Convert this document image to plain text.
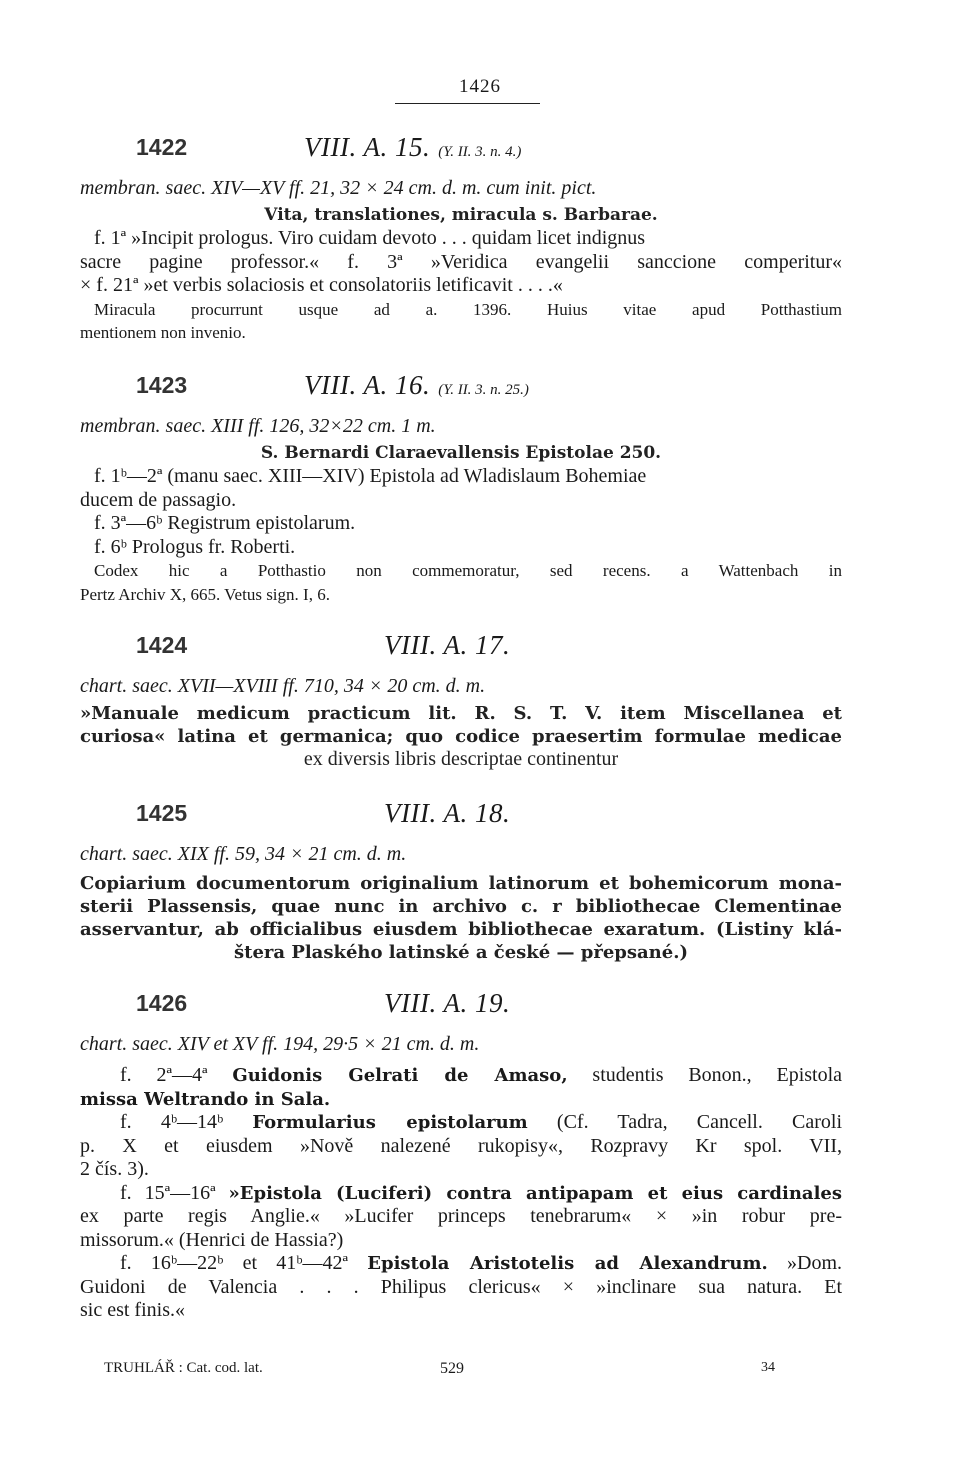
1426
1422	VIII. A. 15. (Y. II. 3. n. 4.)

membran. saec. XIV—XV ff. 21, 32 × 24 cm. d. m. cum init. pict.

Vita, translationes, miracula s. Barbarae.

f. 1ª »Incipit prologus. Viro cuidam devoto . . . quidam licet indignus

sacre pagine professor.« f. 3ª »Veridica evangelii sanccione comperitur«

× f. 21ª »et verbis solaciosis et consolatoriis letificavit . . . .«

Miracula procurrunt usque ad a. 1396. Huius vitae apud Potthastium

mentionem non invenio.

1423	VIII. A. 16. (Y. II. 3. n. 25.)

membran. saec. XIII ff. 126, 32×22 cm. 1 m.

S. Bernardi Claraevallensis Epistolae 250.

f. 1ᵇ—2ª (manu saec. XIII—XIV) Epistola ad Wladislaum Bohemiae

ducem de passagio.

f. 3ª—6ᵇ Registrum epistolarum.

f. 6ᵇ Prologus fr. Roberti.

Codex hic a Potthastio non commemoratur, sed recens. a Wattenbach in

Pertz Archiv X, 665. Vetus sign. I, 6.

1424	VIII. A. 17.

chart. saec. XVII—XVIII ff. 710, 34 × 20 cm. d. m.

»Manuale medicum practicum lit. R. S. T. V. item Miscellanea et

curiosa« latina et germanica; quo codice praesertim formulae medicae

ex diversis libris descriptae continentur

1425	VIII. A. 18.

chart. saec. XIX ff. 59, 34 × 21 cm. d. m.

Copiarium documentorum originalium latinorum et bohemicorum mona-

sterii Plassensis, quae nunc in archivo c. r bibliothecae Clementinae

asservantur, ab officialibus eiusdem bibliothecae exaratum. (Listiny klá-

štera Plaského latinské a české — přepsané.)

1426	VIII. A. 19.

chart. saec. XIV et XV ff. 194, 29·5 × 21 cm. d. m.

f. 2ª—4ª Guidonis Gelrati de Amaso, studentis Bonon., Epistola

missa Weltrando in Sala.

f. 4ᵇ—14ᵇ Formularius epistolarum (Cf. Tadra, Cancell. Caroli

p. X et eiusdem »Nově nalezené rukopisy«, Rozpravy Kr spol. VII,

2 čís. 3).

f. 15ª—16ª »Epistola (Luciferi) contra antipapam et eius cardinales

ex parte regis Anglie.« »Lucifer princeps tenebrarum« × »in robur pre-

missorum.« (Henrici de Hassia?)

f. 16ᵇ—22ᵇ et 41ᵇ—42ª Epistola Aristotelis ad Alexandrum. »Dom.

Guidoni de Valencia . . . Philipus clericus« × »inclinare sua natura. Et

sic est finis.«

TRUHLÁŘ : Cat. cod. lat.	529	34
